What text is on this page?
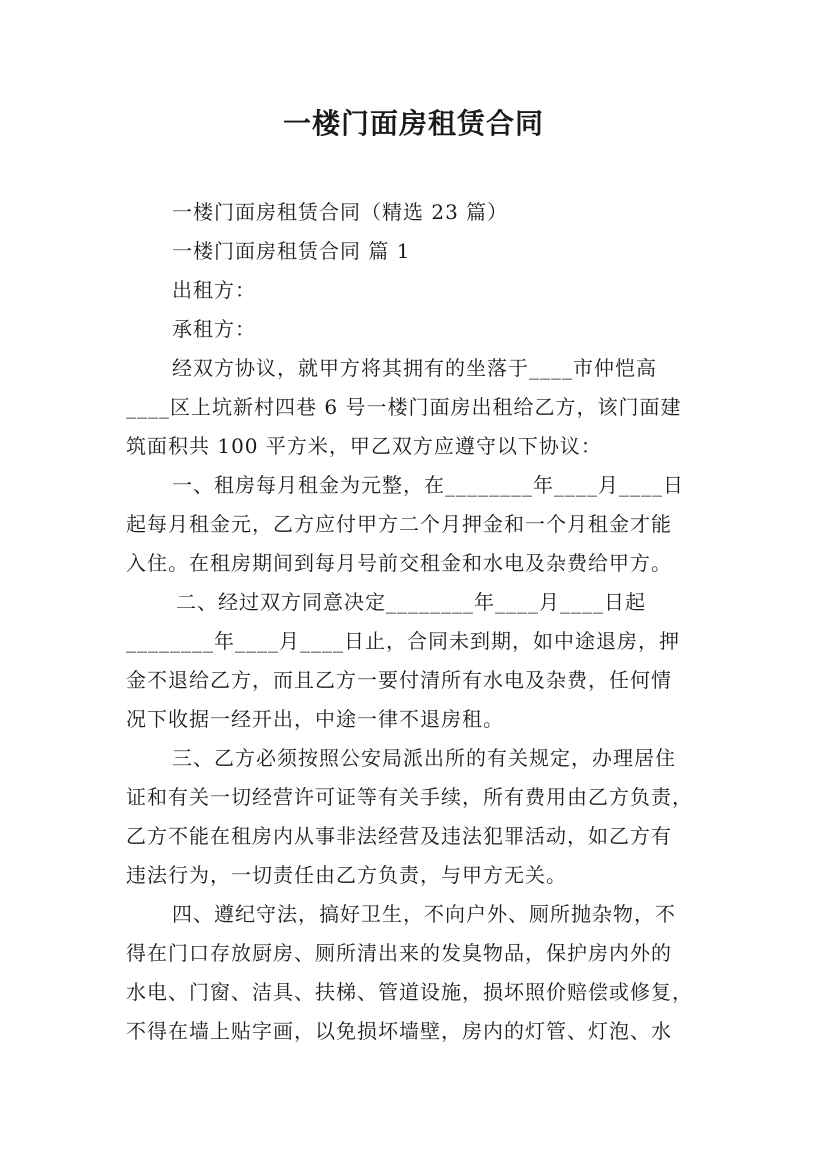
一楼门面房租赁合同
一楼门面房租赁合同（精选 23 篇）
一楼门面房租赁合同 篇 1
出租方：
承租方：
经双方协议，就甲方将其拥有的坐落于____市仲恺高
____区上坑新村四巷 6 号一楼门面房出租给乙方，该门面建
筑面积共 100 平方米，甲乙双方应遵守以下协议：
一、租房每月租金为元整，在________年____月____日
起每月租金元，乙方应付甲方二个月押金和一个月租金才能
入住。在租房期间到每月号前交租金和水电及杂费给甲方。
二、经过双方同意决定________年____月____日起
________年____月____日止，合同未到期，如中途退房，押
金不退给乙方，而且乙方一要付清所有水电及杂费，任何情
况下收据一经开出，中途一律不退房租。
三、乙方必须按照公安局派出所的有关规定，办理居住
证和有关一切经营许可证等有关手续，所有费用由乙方负责，
乙方不能在租房内从事非法经营及违法犯罪活动，如乙方有
违法行为，一切责任由乙方负责，与甲方无关。
四、遵纪守法，搞好卫生，不向户外、厕所抛杂物，不
得在门口存放厨房、厕所清出来的发臭物品，保护房内外的
水电、门窗、洁具、扶梯、管道设施，损坏照价赔偿或修复，
不得在墙上贴字画，以免损坏墙壁，房内的灯管、灯泡、水
